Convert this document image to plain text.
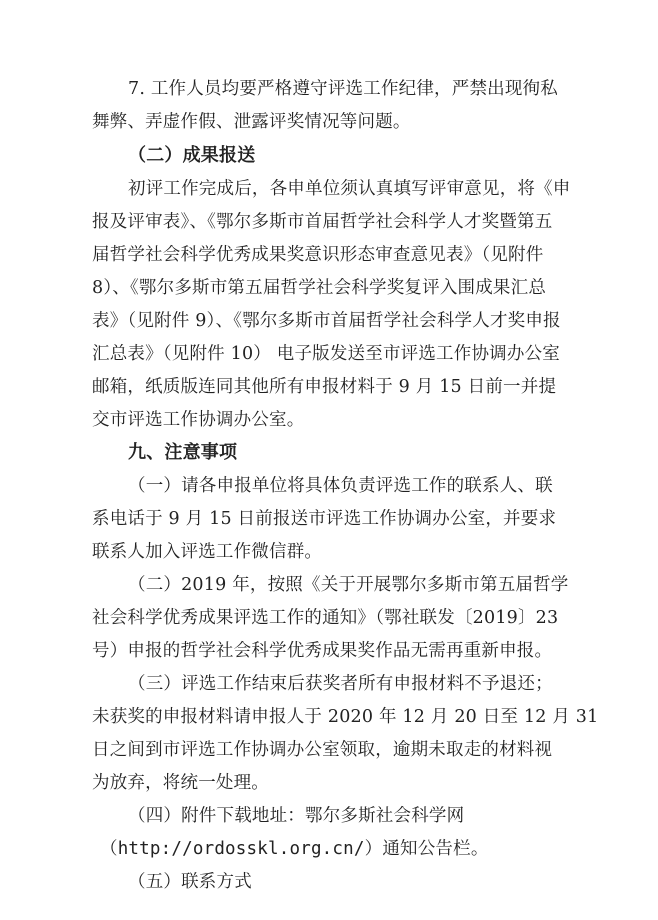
7. 工作人员均要严格遵守评选工作纪律，严禁出现徇私
舞弊、弄虚作假、泄露评奖情况等问题。
（二）成果报送
初评工作完成后，各申单位须认真填写评审意见，将《申
报及评审表》、《鄂尔多斯市首届哲学社会科学人才奖暨第五
届哲学社会科学优秀成果奖意识形态审查意见表》（见附件
8）、《鄂尔多斯市第五届哲学社会科学奖复评入围成果汇总
表》（见附件 9）、《鄂尔多斯市首届哲学社会科学人才奖申报
汇总表》（见附件 10） 电子版发送至市评选工作协调办公室
邮箱，纸质版连同其他所有申报材料于 9 月 15 日前一并提
交市评选工作协调办公室。
九、注意事项
（一）请各申报单位将具体负责评选工作的联系人、联
系电话于 9 月 15 日前报送市评选工作协调办公室，并要求
联系人加入评选工作微信群。
（二）2019 年，按照《关于开展鄂尔多斯市第五届哲学
社会科学优秀成果评选工作的通知》（鄂社联发〔2019〕23
号）申报的哲学社会科学优秀成果奖作品无需再重新申报。
（三）评选工作结束后获奖者所有申报材料不予退还；
未获奖的申报材料请申报人于 2020 年 12 月 20 日至 12 月 31
日之间到市评选工作协调办公室领取，逾期未取走的材料视
为放弃，将统一处理。
（四）附件下载地址：鄂尔多斯社会科学网
（http://ordosskl.org.cn/）通知公告栏。
（五）联系方式
